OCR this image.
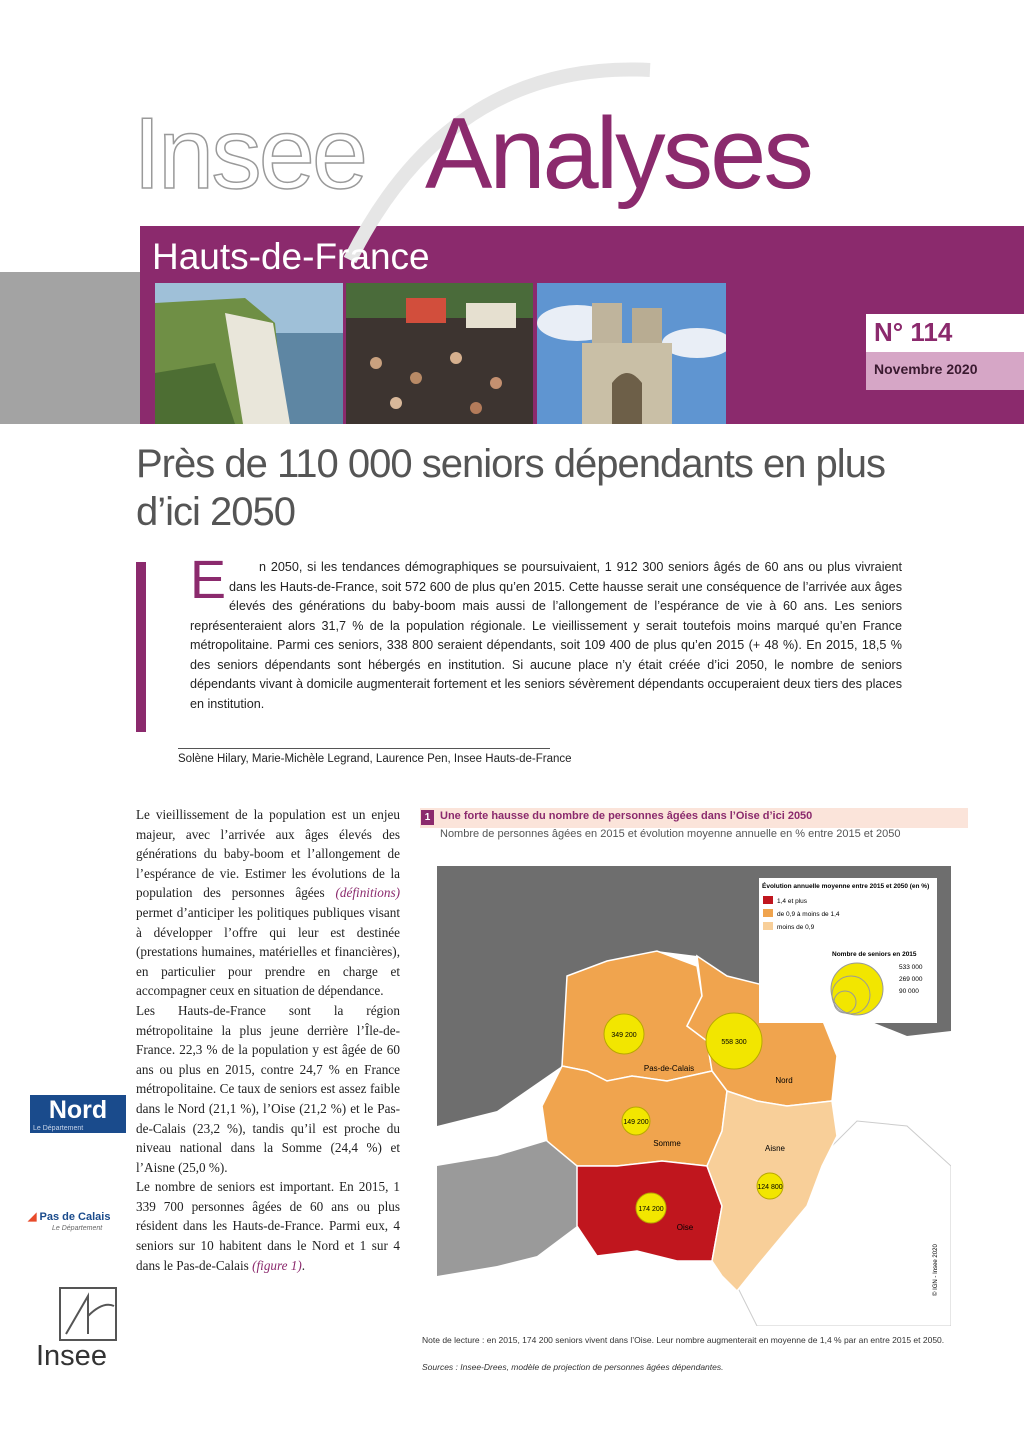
Insee Analyses
Hauts-de-France
N° 114
Novembre 2020
Près de 110 000 seniors dépendants en plus d’ici 2050
E	n 2050, si les tendances démographiques se poursuivaient, 1 912 300 seniors âgés de 60 ans ou plus vivraient dans les Hauts-de-France, soit 572 600 de plus qu’en 2015. Cette hausse serait une conséquence de l’arrivée aux âges élevés des générations du baby-boom mais aussi de l’allongement de l’espérance de vie à 60 ans. Les seniors représenteraient alors 31,7 % de la population régionale. Le vieillissement y serait toutefois moins marqué qu’en France métropolitaine. Parmi ces seniors, 338 800 seraient dépendants, soit 109 400 de plus qu’en 2015 (+ 48 %). En 2015, 18,5 % des seniors dépendants sont hébergés en institution. Si aucune place n’y était créée d’ici 2050, le nombre de seniors dépendants vivant à domicile augmenterait fortement et les seniors sévèrement dépendants occuperaient deux tiers des places en institution.
Solène Hilary, Marie-Michèle Legrand, Laurence Pen, Insee Hauts-de-France

Le vieillissement de la population est un enjeu majeur, avec l’arrivée aux âges élevés des générations du baby-boom et l’allongement de l’espérance de vie. Estimer les évolutions de la population des personnes âgées (définitions) permet d’anticiper les politiques publiques visant à développer l’offre qui leur est destinée (prestations humaines, matérielles et financières), en particulier pour prendre en charge et accompagner ceux en situation de dépendance.

Les Hauts-de-France sont la région métropolitaine la plus jeune derrière l’Île-de-France. 22,3 % de la population y est âgée de 60 ans ou plus en 2015, contre 24,7 % en France métropolitaine. Ce taux de seniors est assez faible dans le Nord (21,1 %), l’Oise (21,2 %) et le Pas-de-Calais (23,2 %), tandis qu’il est proche du niveau national dans la Somme (24,4 %) et l’Aisne (25,0 %).

Le nombre de seniors est important. En 2015, 1 339 700 personnes âgées de 60 ans ou plus résident dans les Hauts-de-France. Parmi eux, 4 seniors sur 10 habitent dans le Nord et 1 sur 4 dans le Pas-de-Calais (figure 1).

Nord
Le Département
◢ Pas de Calais
Le Département
Insee
1 Une forte hausse du nombre de personnes âgées dans l’Oise d’ici 2050
Nombre de personnes âgées en 2015 et évolution moyenne annuelle en % entre 2015 et 2050
349 200
558 300
149 200
174 200
124 800
Pas-de-Calais
Nord
Somme
Oise
Aisne
Évolution annuelle moyenne entre 2015 et 2050 (en %)
1,4 et plus
de 0,9 à moins de 1,4
moins de 0,9
Nombre de seniors en 2015
533 000
269 000
90 000
© IGN - Insee 2020
Note de lecture : en 2015, 174 200 seniors vivent dans l’Oise. Leur nombre augmenterait en moyenne de 1,4 % par an entre 2015 et 2050.
Sources : Insee-Drees, modèle de projection de personnes âgées dépendantes.
